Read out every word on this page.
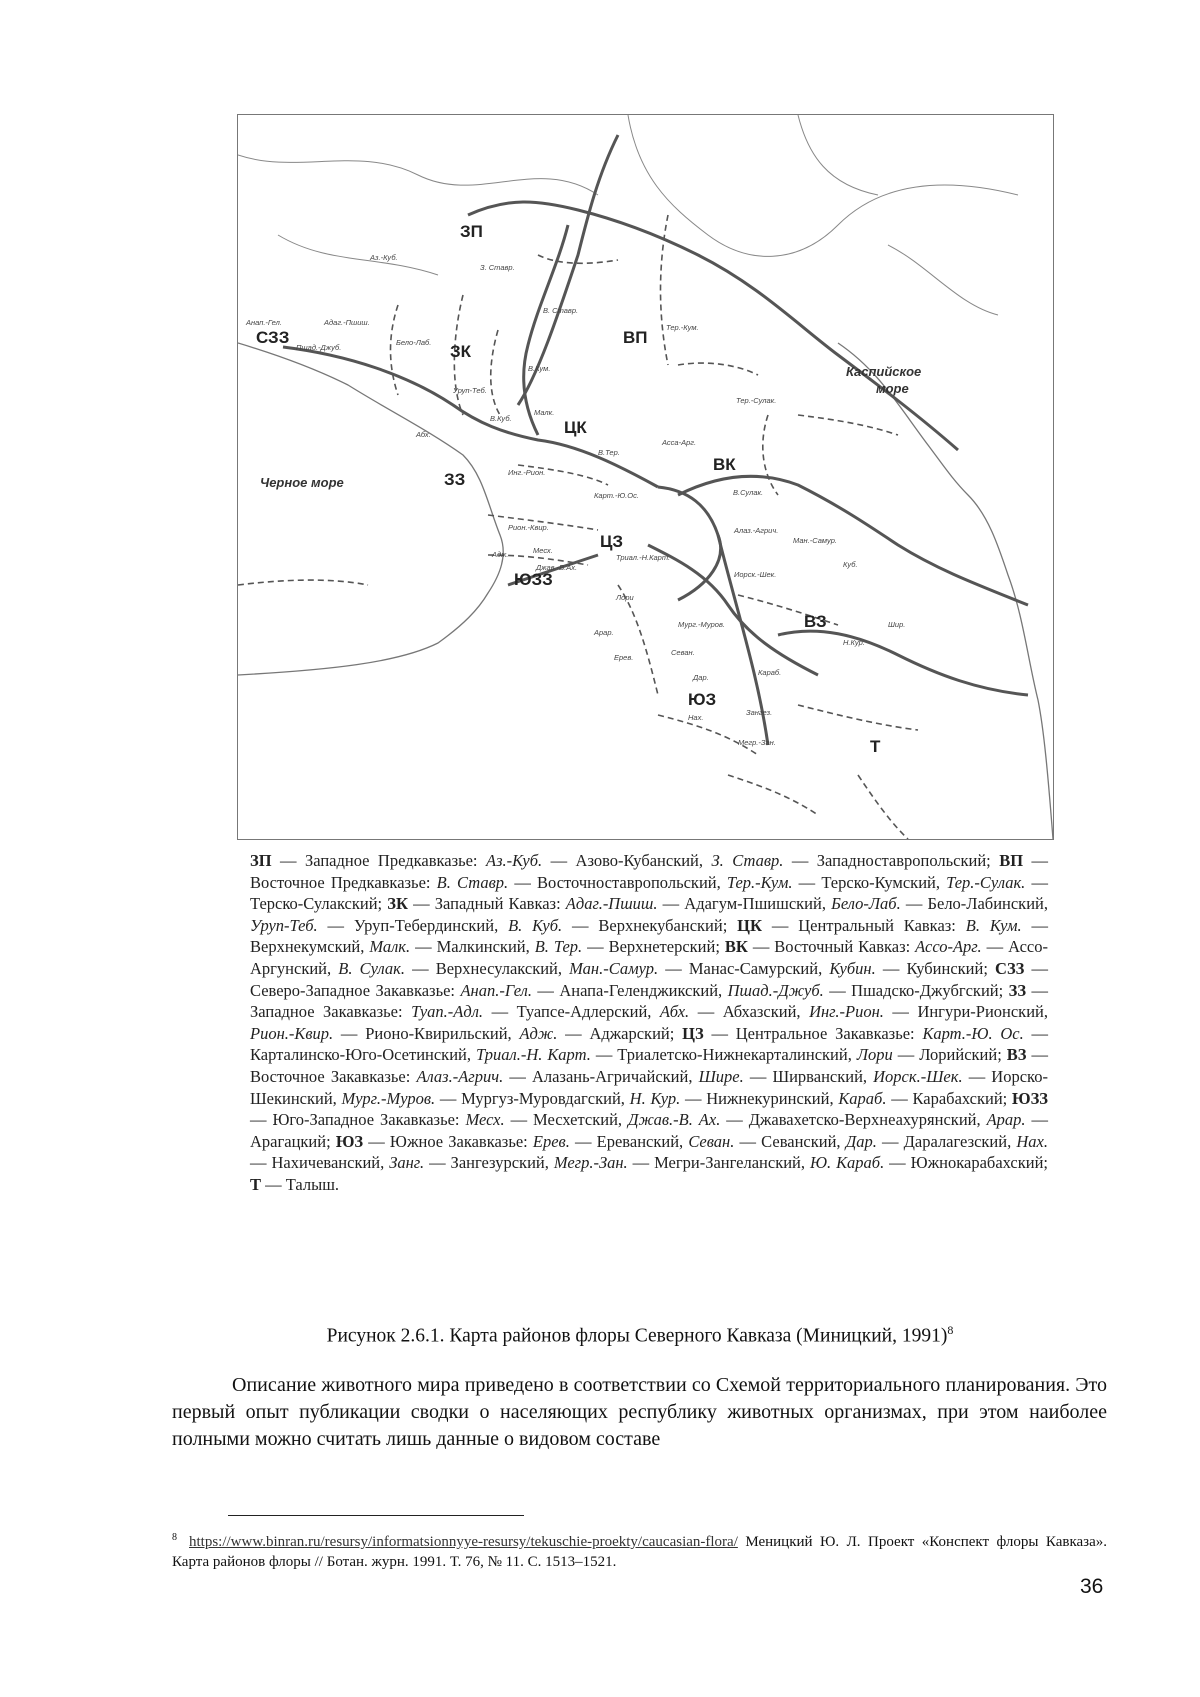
ЗП
ВП
СЗЗ
ЗК
ЦК
ВК
ЗЗ
ЦЗ
ЮЗЗ
ВЗ
ЮЗ
Т
Черное море
Каспийское
море
Аз.-Куб.
З. Ставр.
В. Ставр.
Тер.-Кум.
Тер.-Сулак.
Анап.-Гел.	Адаг.-Пшиш.
Бело-Лаб.
Пшад.-Джуб.
Уруп-Теб.
В.Кум.
В.Куб.
Малк.
Асса-Арг.
В.Тер.
В.Сулак.
Ман.-Самур.
Куб.
Абх.
Инг.-Рион.
Карт.-Ю.Ос.
Рион.-Квир.
Адж.	Месх.
Джав.-В.Ах.
Триал.-Н.Карт.
Алаз.-Агрич.
Шир.
Иорск.-Шек.
Мург.-Муров.
Лори
Арар.
Ерев.
Севан.
Дар.
Н.Кур.
Караб.
Зангез.
Нах.
Мегр.-Зан.
ЗП — Западное Предкавказье: Аз.-Куб. — Азово-Кубанский, З. Ставр. — Западноставропольский; ВП — Восточное Предкавказье: В. Ставр. — Восточноставропольский, Тер.-Кум. — Терско-Кумский, Тер.-Сулак. — Терско-Сулакский; ЗК — Западный Кавказ: Адаг.-Пшиш. — Адагум-Пшишский, Бело-Лаб. — Бело-Лабинский, Уруп-Теб. — Уруп-Тебердинский, В. Куб. — Верхнекубанский; ЦК — Центральный Кавказ: В. Кум. — Верхнекумский, Малк. — Малкинский, В. Тер. — Верхнетерский; ВК — Восточный Кавказ: Ассо-Арг. — Ассо-Аргунский, В. Сулак. — Верхнесулакский, Ман.-Самур. — Манас-Самурский, Кубин. — Кубинский; СЗЗ — Северо-Западное Закавказье: Анап.-Гел. — Анапа-Геленджикский, Пшад.-Джуб. — Пшадско-Джубгский; ЗЗ — Западное Закавказье: Туап.-Адл. — Туапсе-Адлерский, Абх. — Абхазский, Инг.-Рион. — Ингури-Рионский, Рион.-Квир. — Рионо-Квирильский, Адж. — Аджарский; ЦЗ — Центральное Закавказье: Карт.-Ю. Ос. — Карталинско-Юго-Осетинский, Триал.-Н. Карт. — Триалетско-Нижнекарталинский, Лори — Лорийский; ВЗ — Восточное Закавказье: Алаз.-Агрич. — Алазань-Агричайский, Шире. — Ширванский, Иорск.-Шек. — Иорско-Шекинский, Мург.-Муров. — Мургуз-Муровдагский, Н. Кур. — Нижнекуринский, Караб. — Карабахский; ЮЗЗ — Юго-Западное Закавказье: Месх. — Месхетский, Джав.-В. Ах. — Джавахетско-Верхнеахурянский, Арар. — Арагацкий; ЮЗ — Южное Закавказье: Ерев. — Ереванский, Севан. — Севанский, Дар. — Даралагезский, Нах. — Нахичеванский, Занг. — Зангезурский, Мегр.-Зан. — Мегри-Зангеланский, Ю. Караб. — Южнокарабахский; Т — Талыш.
Рисунок 2.6.1. Карта районов флоры Северного Кавказа (Миницкий, 1991)$^8$

Описание животного мира приведено в соответствии со Схемой территориального планирования. Это первый опыт публикации сводки о населяющих республику животных организмах, при этом наиболее полными можно считать лишь данные о видовом составе

$^8$ https://www.binran.ru/resursy/informatsionnyye-resursy/tekuschie-proekty/caucasian-flora/ Меницкий Ю. Л. Проект «Конспект флоры Кавказа». Карта районов флоры // Ботан. журн. 1991. Т. 76, № 11. С. 1513–1521.
36
